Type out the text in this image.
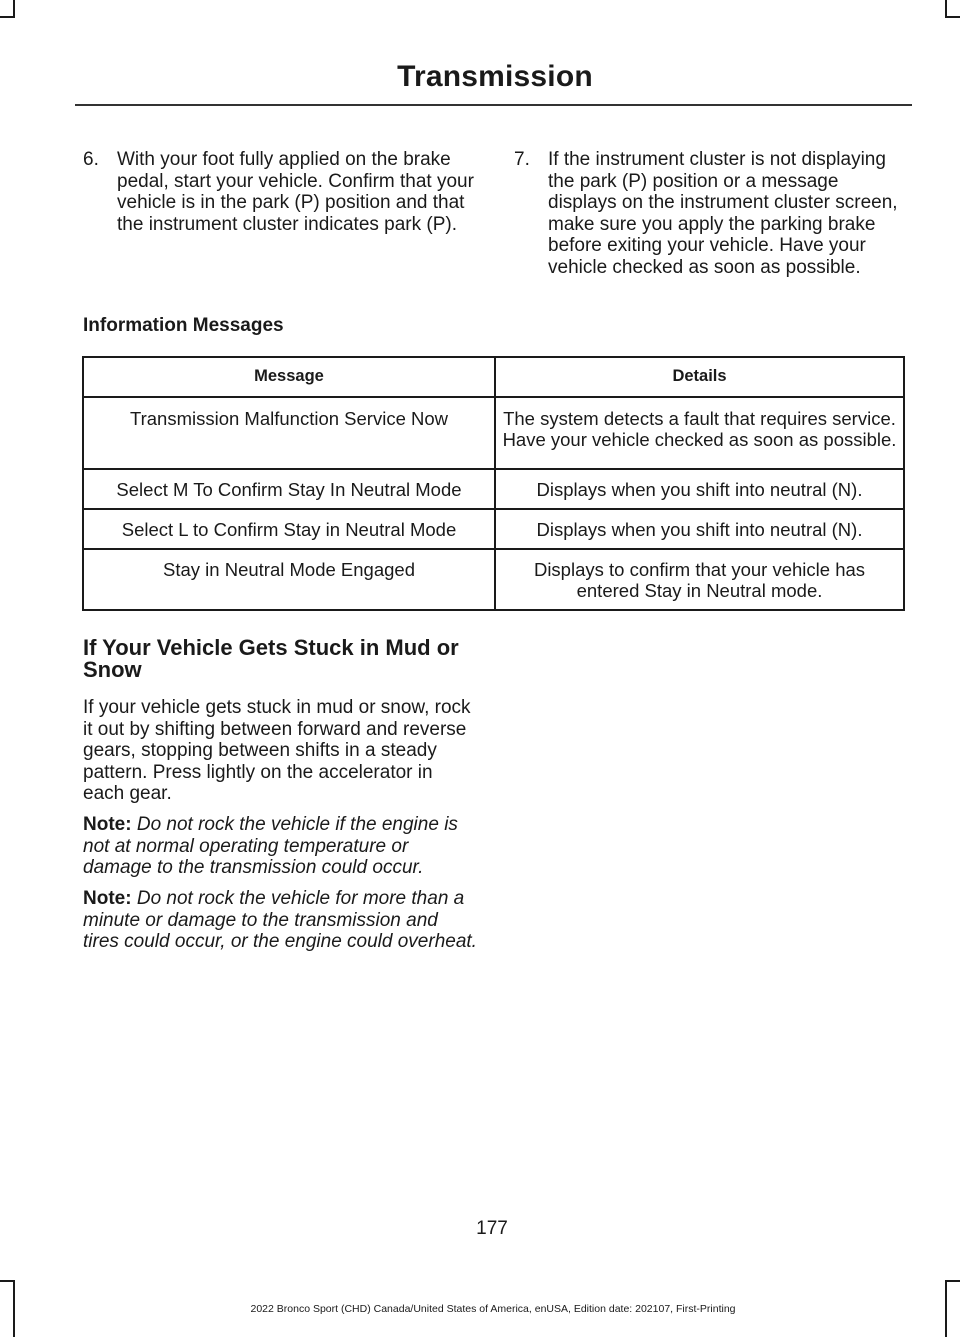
Transmission
6. With your foot fully applied on the brake pedal, start your vehicle. Confirm that your vehicle is in the park (P) position and that the instrument cluster indicates park (P).
7. If the instrument cluster is not displaying the park (P) position or a message displays on the instrument cluster screen, make sure you apply the parking brake before exiting your vehicle. Have your vehicle checked as soon as possible.
Information Messages
Message	Details
Transmission Malfunction Service Now	The system detects a fault that requires service. Have your vehicle checked as soon as possible.
Select M To Confirm Stay In Neutral Mode	Displays when you shift into neutral (N).
Select L to Confirm Stay in Neutral Mode	Displays when you shift into neutral (N).
Stay in Neutral Mode Engaged	Displays to confirm that your vehicle has entered Stay in Neutral mode.
If Your Vehicle Gets Stuck in Mud or Snow
If your vehicle gets stuck in mud or snow, rock it out by shifting between forward and reverse gears, stopping between shifts in a steady pattern. Press lightly on the accelerator in each gear.
Note: Do not rock the vehicle if the engine is not at normal operating temperature or damage to the transmission could occur.
Note: Do not rock the vehicle for more than a minute or damage to the transmission and tires could occur, or the engine could overheat.
177
2022 Bronco Sport (CHD) Canada/United States of America, enUSA, Edition date: 202107, First-Printing
